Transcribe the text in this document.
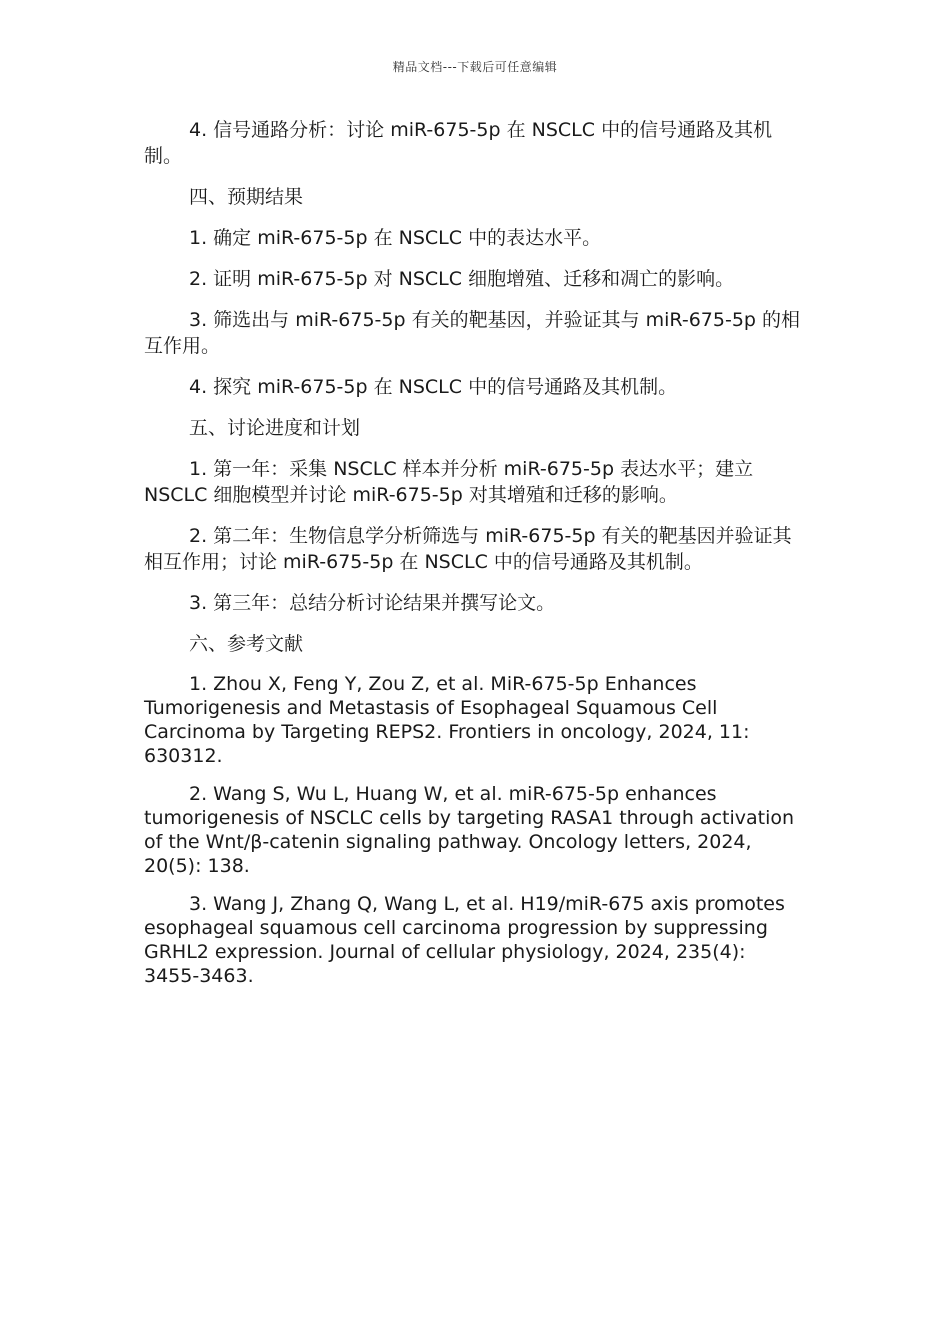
精品文档---下载后可任意编辑

4. 信号通路分析：讨论 miR-675-5p 在 NSCLC 中的信号通路及其机制。

四、预期结果

1. 确定 miR-675-5p 在 NSCLC 中的表达水平。

2. 证明 miR-675-5p 对 NSCLC 细胞增殖、迁移和凋亡的影响。

3. 筛选出与 miR-675-5p 有关的靶基因，并验证其与 miR-675-5p 的相互作用。

4. 探究 miR-675-5p 在 NSCLC 中的信号通路及其机制。

五、讨论进度和计划

1. 第一年：采集 NSCLC 样本并分析 miR-675-5p 表达水平；建立 NSCLC 细胞模型并讨论 miR-675-5p 对其增殖和迁移的影响。

2. 第二年：生物信息学分析筛选与 miR-675-5p 有关的靶基因并验证其相互作用；讨论 miR-675-5p 在 NSCLC 中的信号通路及其机制。

3. 第三年：总结分析讨论结果并撰写论文。

六、参考文献

1. Zhou X, Feng Y, Zou Z, et al. MiR-675-5p Enhances Tumorigenesis and Metastasis of Esophageal Squamous Cell Carcinoma by Targeting REPS2. Frontiers in oncology, 2024, 11: 630312.

2. Wang S, Wu L, Huang W, et al. miR-675-5p enhances tumorigenesis of NSCLC cells by targeting RASA1 through activation of the Wnt/β-catenin signaling pathway. Oncology letters, 2024, 20(5): 138.

3. Wang J, Zhang Q, Wang L, et al. H19/miR-675 axis promotes esophageal squamous cell carcinoma progression by suppressing GRHL2 expression. Journal of cellular physiology, 2024, 235(4): 3455-3463.
